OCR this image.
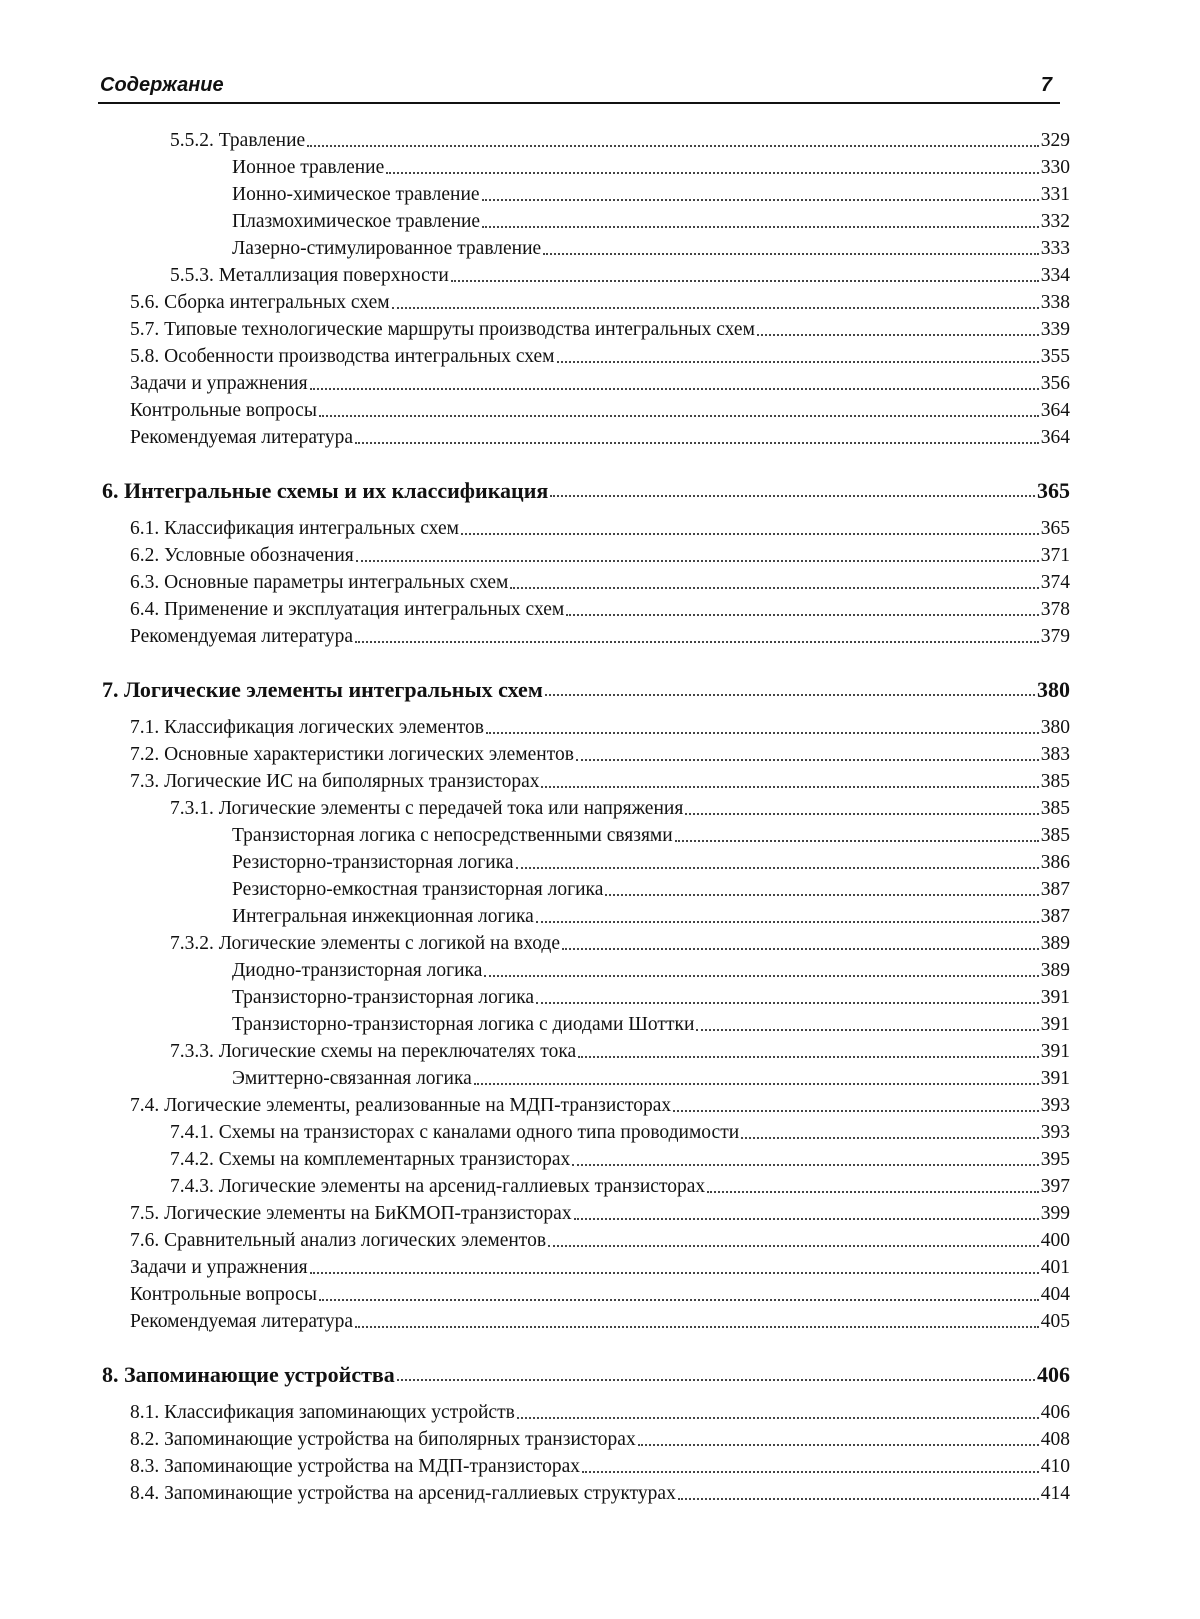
Содержание	7
5.5.2. Травление	329
Ионное травление	330
Ионно-химическое травление	331
Плазмохимическое травление	332
Лазерно-стимулированное травление	333
5.5.3. Металлизация поверхности	334
5.6. Сборка интегральных схем	338
5.7. Типовые технологические маршруты производства интегральных схем	339
5.8. Особенности производства интегральных схем	355
Задачи и упражнения	356
Контрольные вопросы	364
Рекомендуемая литература	364
6. Интегральные схемы и их классификация	365
6.1. Классификация интегральных схем	365
6.2. Условные обозначения	371
6.3. Основные параметры интегральных схем	374
6.4. Применение и эксплуатация интегральных схем	378
Рекомендуемая литература	379
7. Логические элементы интегральных схем	380
7.1. Классификация логических элементов	380
7.2. Основные характеристики логических элементов	383
7.3. Логические ИС на биполярных транзисторах	385
7.3.1. Логические элементы с передачей тока или напряжения	385
Транзисторная логика с непосредственными связями	385
Резисторно-транзисторная логика	386
Резисторно-емкостная транзисторная логика	387
Интегральная инжекционная логика	387
7.3.2. Логические элементы с логикой на входе	389
Диодно-транзисторная логика	389
Транзисторно-транзисторная логика	391
Транзисторно-транзисторная логика с диодами Шоттки	391
7.3.3. Логические схемы на переключателях тока	391
Эмиттерно-связанная логика	391
7.4. Логические элементы, реализованные на МДП-транзисторах	393
7.4.1. Схемы на транзисторах с каналами одного типа проводимости	393
7.4.2. Схемы на комплементарных транзисторах	395
7.4.3. Логические элементы на арсенид-галлиевых транзисторах	397
7.5. Логические элементы на БиКМОП-транзисторах	399
7.6. Сравнительный анализ логических элементов	400
Задачи и упражнения	401
Контрольные вопросы	404
Рекомендуемая литература	405
8. Запоминающие устройства	406
8.1. Классификация запоминающих устройств	406
8.2. Запоминающие устройства на биполярных транзисторах	408
8.3. Запоминающие устройства на МДП-транзисторах	410
8.4. Запоминающие устройства на арсенид-галлиевых структурах	414
